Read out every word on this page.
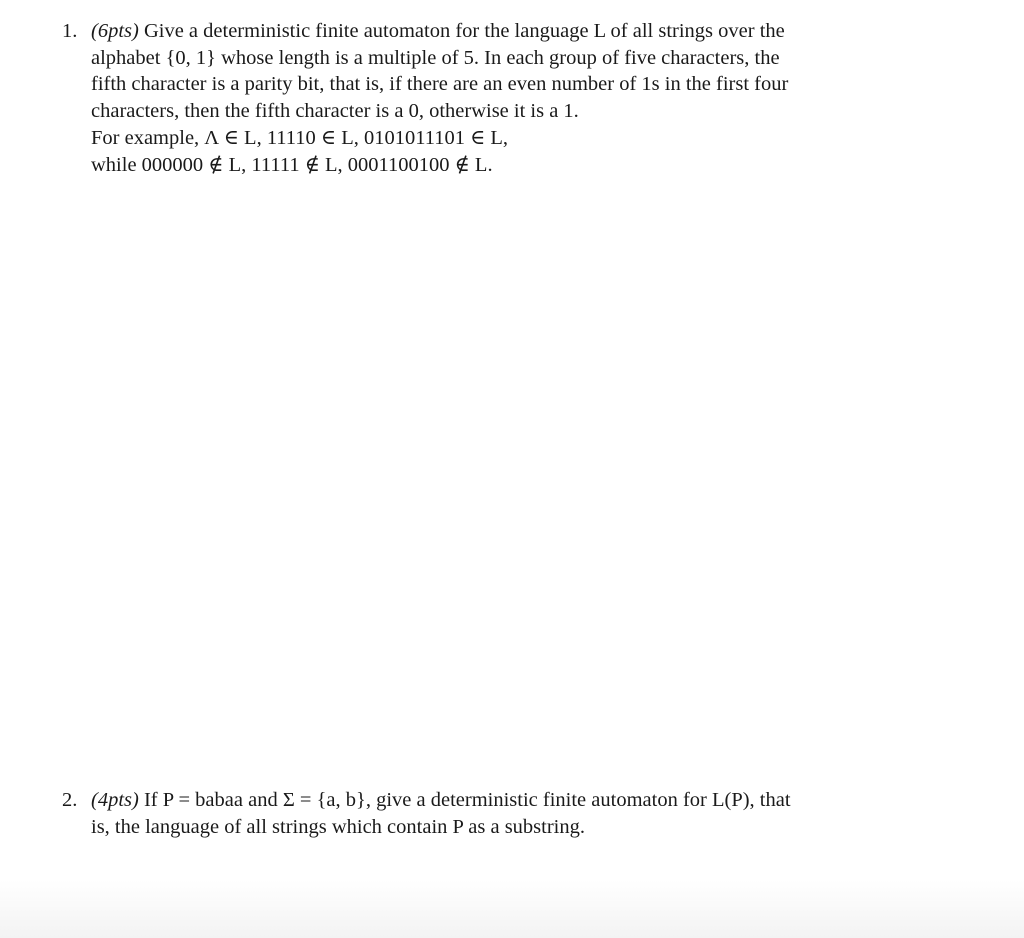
1. (6pts) Give a deterministic finite automaton for the language L of all strings over the
alphabet {0, 1} whose length is a multiple of 5. In each group of five characters, the
fifth character is a parity bit, that is, if there are an even number of 1s in the first four
characters, then the fifth character is a 0, otherwise it is a 1.
For example, Λ ∈ L, 11110 ∈ L, 0101011101 ∈ L,
while 000000 ∉ L, 11111 ∉ L, 0001100100 ∉ L.
2. (4pts) If P = babaa and Σ = {a, b}, give a deterministic finite automaton for L(P), that
is, the language of all strings which contain P as a substring.
